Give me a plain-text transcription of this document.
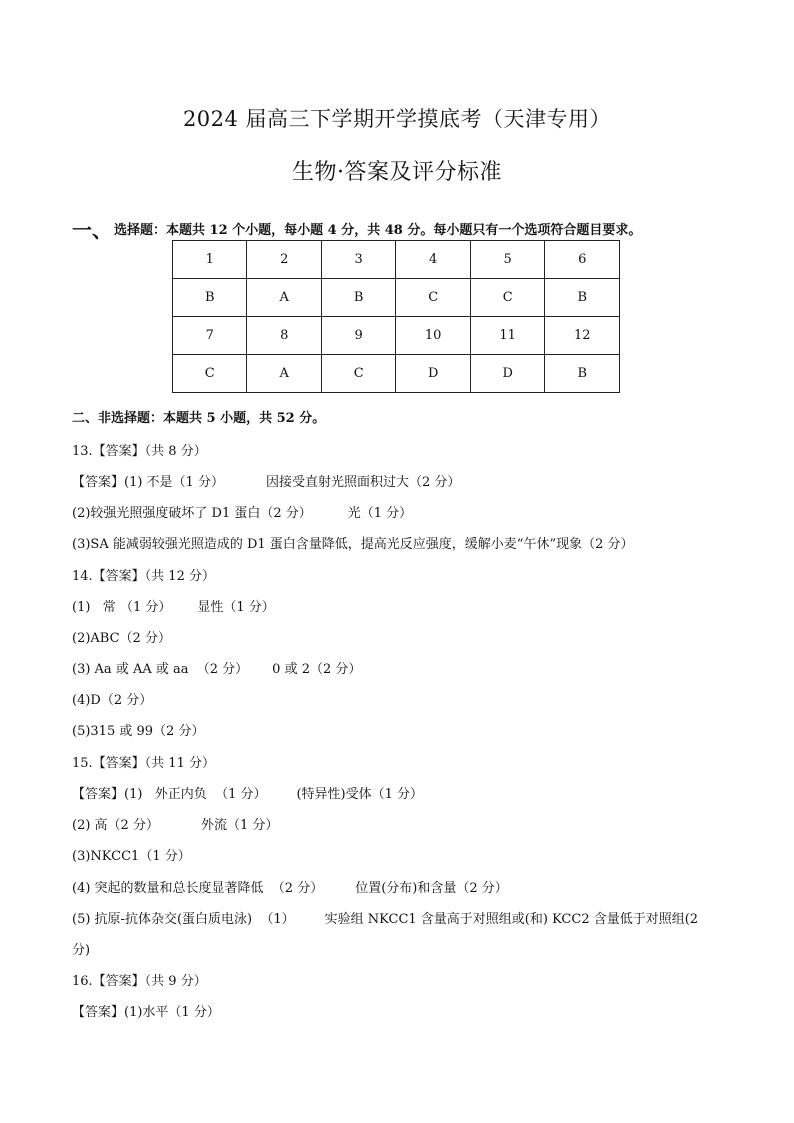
2024 届高三下学期开学摸底考（天津专用）
生物·答案及评分标准
一、 选择题：本题共 12 个小题，每小题 4 分，共 48 分。每小题只有一个选项符合题目要求。
1	2	3	4	5	6
B	A	B	C	C	B
7	8	9	10	11	12
C	A	C	D	D	B
二、非选择题：本题共 5 小题，共 52 分。
13.【答案】（共 8 分）
【答案】(1) 不是（1 分）	因接受直射光照面积过大（2 分）
(2)较强光照强度破坏了 D1 蛋白（2 分）	光（1 分）
(3)SA 能减弱较强光照造成的 D1 蛋白含量降低，提高光反应强度，缓解小麦“午休”现象（2 分）
14.【答案】（共 12 分）
(1)   常 （1 分） 显性（1 分）
(2)ABC（2 分）
(3) Aa 或 AA 或 aa  （2 分） 0 或 2（2 分）
(4)D（2 分）
(5)315 或 99（2 分）
15.【答案】（共 11 分）
【答案】(1)   外正内负  （1 分） (特异性)受体（1 分）
(2) 高（2 分）	外流（1 分）
(3)NKCC1（1 分）
(4) 突起的数量和总长度显著降低  （2 分） 位置(分布)和含量（2 分）
(5) 抗原-抗体杂交(蛋白质电泳)  （1） 实验组 NKCC1 含量高于对照组或(和) KCC2 含量低于对照组(2
分)
16.【答案】（共 9 分）
【答案】(1)水平（1 分）
